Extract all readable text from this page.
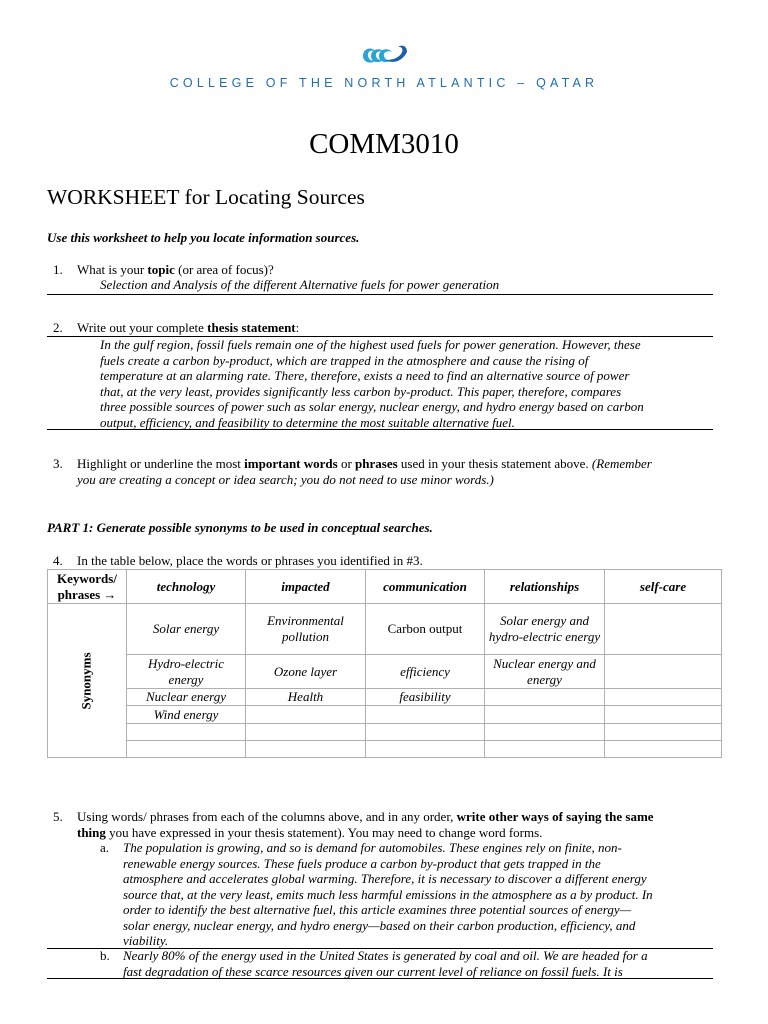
COLLEGE OF THE NORTH ATLANTIC – QATAR
COMM3010
WORKSHEET for Locating Sources
Use this worksheet to help you locate information sources.
1. What is your topic (or area of focus)?
Selection and Analysis of the different Alternative fuels for power generation
2. Write out your complete thesis statement:
In the gulf region, fossil fuels remain one of the highest used fuels for power generation. However, these
fuels create a carbon by-product, which are trapped in the atmosphere and cause the rising of
temperature at an alarming rate. There, therefore, exists a need to find an alternative source of power
that, at the very least, provides significantly less carbon by-product. This paper, therefore, compares
three possible sources of power such as solar energy, nuclear energy, and hydro energy based on carbon
output, efficiency, and feasibility to determine the most suitable alternative fuel.
3. Highlight or underline the most important words or phrases used in your thesis statement above. (Remember
you are creating a concept or idea search; you do not need to use minor words.)
PART 1: Generate possible synonyms to be used in conceptual searches.
4. In the table below, place the words or phrases you identified in #3.
Keywords/
phrases →	technology	impacted	communication	relationships	self-care
Synonyms	Solar energy	Environmental pollution	Carbon output	Solar energy and hydro-electric energy	
	Hydro-electric energy	Ozone layer	efficiency	Nuclear energy and energy	
	Nuclear energy	Health	feasibility		
	Wind energy				

5. Using words/ phrases from each of the columns above, and in any order, write other ways of saying the same
thing you have expressed in your thesis statement). You may need to change word forms.
a. The population is growing, and so is demand for automobiles. These engines rely on finite, non-
renewable energy sources. These fuels produce a carbon by-product that gets trapped in the
atmosphere and accelerates global warming. Therefore, it is necessary to discover a different energy
source that, at the very least, emits much less harmful emissions in the atmosphere as a by product. In
order to identify the best alternative fuel, this article examines three potential sources of energy—
solar energy, nuclear energy, and hydro energy—based on their carbon production, efficiency, and
viability.
b. Nearly 80% of the energy used in the United States is generated by coal and oil. We are headed for a
fast degradation of these scarce resources given our current level of reliance on fossil fuels. It is
